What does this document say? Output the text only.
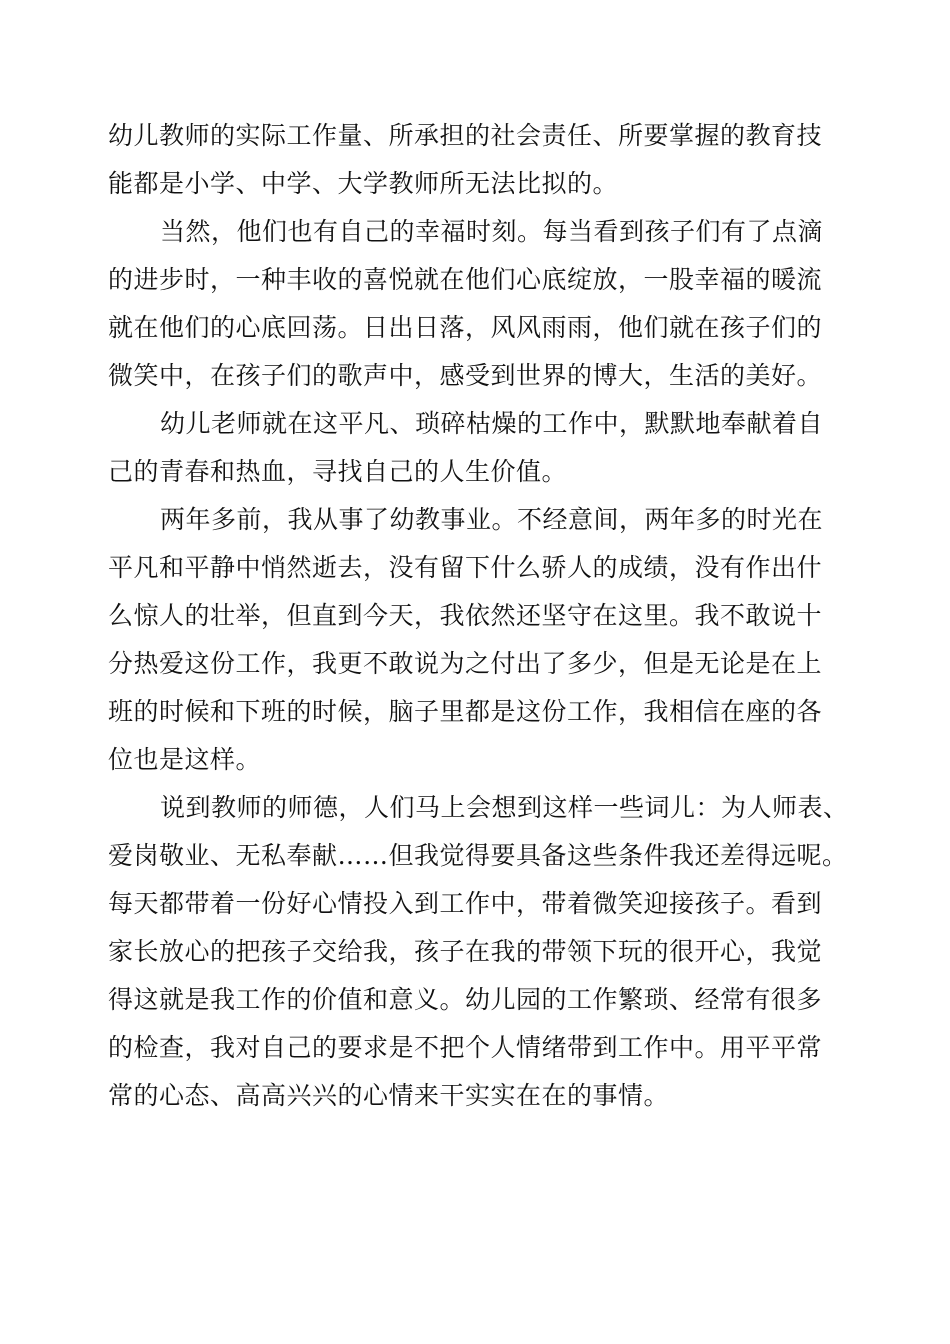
幼儿教师的实际工作量、所承担的社会责任、所要掌握的教育技
能都是小学、中学、大学教师所无法比拟的。
当然，他们也有自己的幸福时刻。每当看到孩子们有了点滴
的进步时，一种丰收的喜悦就在他们心底绽放，一股幸福的暖流
就在他们的心底回荡。日出日落，风风雨雨，他们就在孩子们的
微笑中，在孩子们的歌声中，感受到世界的博大，生活的美好。
幼儿老师就在这平凡、琐碎枯燥的工作中，默默地奉献着自
己的青春和热血，寻找自己的人生价值。
两年多前，我从事了幼教事业。不经意间，两年多的时光在
平凡和平静中悄然逝去，没有留下什么骄人的成绩，没有作出什
么惊人的壮举，但直到今天，我依然还坚守在这里。我不敢说十
分热爱这份工作，我更不敢说为之付出了多少，但是无论是在上
班的时候和下班的时候，脑子里都是这份工作，我相信在座的各
位也是这样。
说到教师的师德，人们马上会想到这样一些词儿：为人师表、
爱岗敬业、无私奉献……但我觉得要具备这些条件我还差得远呢。
每天都带着一份好心情投入到工作中，带着微笑迎接孩子。看到
家长放心的把孩子交给我，孩子在我的带领下玩的很开心，我觉
得这就是我工作的价值和意义。幼儿园的工作繁琐、经常有很多
的检查，我对自己的要求是不把个人情绪带到工作中。用平平常
常的心态、高高兴兴的心情来干实实在在的事情。
